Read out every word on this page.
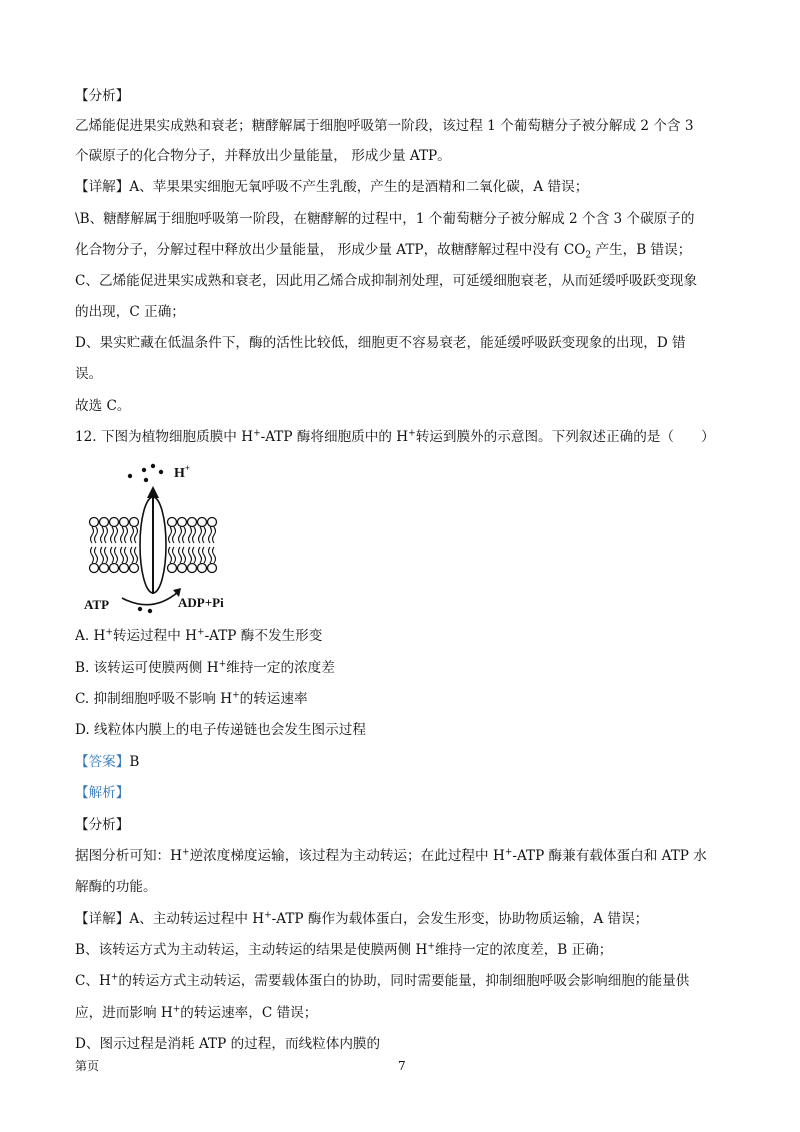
【分析】
乙烯能促进果实成熟和衰老；糖酵解属于细胞呼吸第一阶段，该过程 1 个葡萄糖分子被分解成 2 个含 3
个碳原子的化合物分子，并释放出少量能量， 形成少量 ATP。
【详解】A、苹果果实细胞无氧呼吸不产生乳酸，产生的是酒精和二氧化碳，A 错误；
\B、糖酵解属于细胞呼吸第一阶段，在糖酵解的过程中，1 个葡萄糖分子被分解成 2 个含 3 个碳原子的
化合物分子，分解过程中释放出少量能量， 形成少量 ATP，故糖酵解过程中没有 $CO_2$ 产生，B 错误；
C、乙烯能促进果实成熟和衰老，因此用乙烯合成抑制剂处理，可延缓细胞衰老，从而延缓呼吸跃变现象
的出现，C 正确；
D、果实贮藏在低温条件下，酶的活性比较低，细胞更不容易衰老，能延缓呼吸跃变现象的出现，D 错
误。
故选 C。
12. 下图为植物细胞质膜中 H+-ATP 酶将细胞质中的 H+转运到膜外的示意图。下列叙述正确的是（　　）
H+
ATP	ADP+Pi
A. H+转运过程中 H+-ATP 酶不发生形变
B. 该转运可使膜两侧 H+维持一定的浓度差
C. 抑制细胞呼吸不影响 H+的转运速率
D. 线粒体内膜上的电子传递链也会发生图示过程
【答案】B
【解析】
【分析】
据图分析可知：H+逆浓度梯度运输，该过程为主动转运；在此过程中 H+-ATP 酶兼有载体蛋白和 ATP 水
解酶的功能。
【详解】A、主动转运过程中 H+-ATP 酶作为载体蛋白，会发生形变，协助物质运输，A 错误；
B、该转运方式为主动转运，主动转运的结果是使膜两侧 H+维持一定的浓度差，B 正确；
C、H+的转运方式主动转运，需要载体蛋白的协助，同时需要能量，抑制细胞呼吸会影响细胞的能量供
应，进而影响 H+的转运速率，C 错误；
D、图示过程是消耗 ATP 的过程，而线粒体内膜的
第页	7
